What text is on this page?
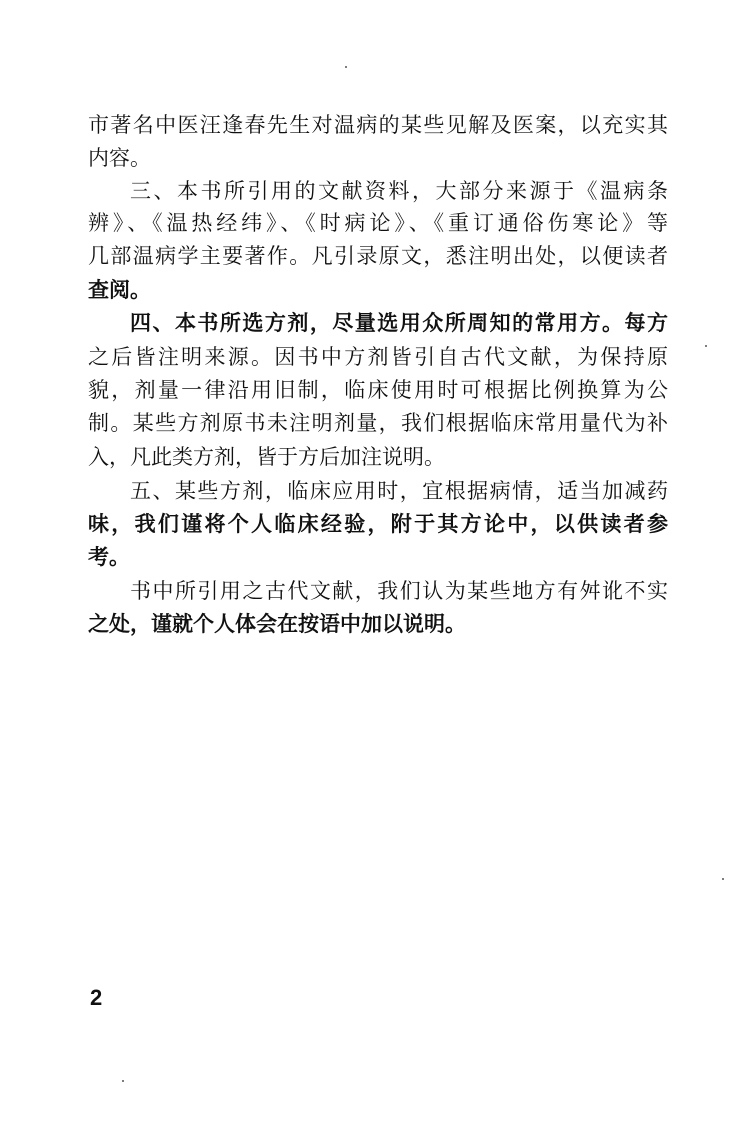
市著名中医汪逢春先生对温病的某些见解及医案，以充实其
内容。
三、本书所引用的文献资料，大部分来源于《温病条
辨》、《温热经纬》、《时病论》、《重订通俗伤寒论》等
几部温病学主要著作。凡引录原文，悉注明出处，以便读者
查阅。
四、本书所选方剂，尽量选用众所周知的常用方。每方
之后皆注明来源。因书中方剂皆引自古代文献，为保持原
貌，剂量一律沿用旧制，临床使用时可根据比例换算为公
制。某些方剂原书未注明剂量，我们根据临床常用量代为补
入，凡此类方剂，皆于方后加注说明。
五、某些方剂，临床应用时，宜根据病情，适当加减药
味，我们谨将个人临床经验，附于其方论中，以供读者参
考。
书中所引用之古代文献，我们认为某些地方有舛讹不实
之处，谨就个人体会在按语中加以说明。
2
